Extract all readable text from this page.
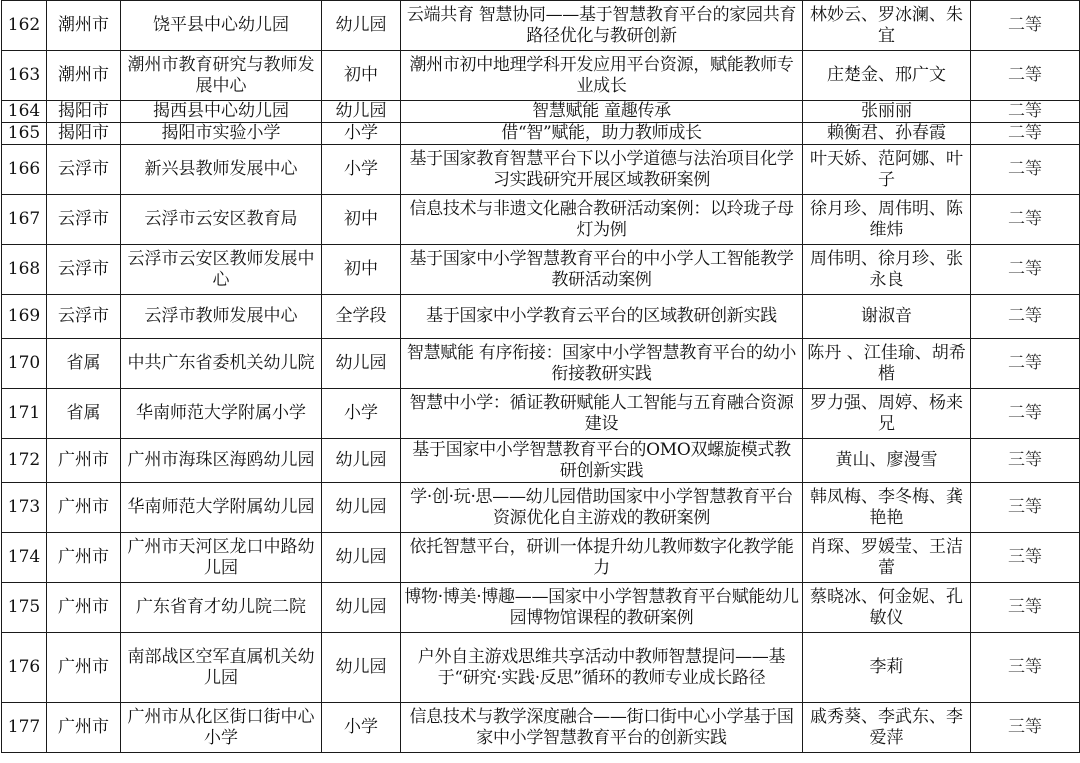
162	潮州市	饶平县中心幼儿园	幼儿园	云端共育 智慧协同——基于智慧教育平台的家园共育路径优化与教研创新	林妙云、罗冰澜、朱宜	二等
163	潮州市	潮州市教育研究与教师发展中心	初中	潮州市初中地理学科开发应用平台资源，赋能教师专业成长	庄楚金、邢广文	二等
164	揭阳市	揭西县中心幼儿园	幼儿园	智慧赋能 童趣传承	张丽丽	二等
165	揭阳市	揭阳市实验小学	小学	借“智”赋能，助力教师成长	赖衡君、孙春霞	二等
166	云浮市	新兴县教师发展中心	小学	基于国家教育智慧平台下以小学道德与法治项目化学习实践研究开展区域教研案例	叶天娇、范阿娜、叶子	二等
167	云浮市	云浮市云安区教育局	初中	信息技术与非遗文化融合教研活动案例：以玲珑子母灯为例	徐月珍、周伟明、陈维炜	二等
168	云浮市	云浮市云安区教师发展中心	初中	基于国家中小学智慧教育平台的中小学人工智能教学教研活动案例	周伟明、徐月珍、张永良	二等
169	云浮市	云浮市教师发展中心	全学段	基于国家中小学教育云平台的区域教研创新实践	谢淑音	二等
170	省属	中共广东省委机关幼儿院	幼儿园	智慧赋能 有序衔接：国家中小学智慧教育平台的幼小衔接教研实践	陈丹 、江佳瑜、胡希楷	二等
171	省属	华南师范大学附属小学	小学	智慧中小学：循证教研赋能人工智能与五育融合资源建设	罗力强、周婷、杨来兄	二等
172	广州市	广州市海珠区海鸥幼儿园	幼儿园	基于国家中小学智慧教育平台的OMO双螺旋模式教研创新实践	黄山、廖漫雪	三等
173	广州市	华南师范大学附属幼儿园	幼儿园	学·创·玩·思——幼儿园借助国家中小学智慧教育平台资源优化自主游戏的教研案例	韩凤梅、李冬梅、龚艳艳	三等
174	广州市	广州市天河区龙口中路幼儿园	幼儿园	依托智慧平台，研训一体提升幼儿教师数字化教学能力	肖琛、罗媛莹、王洁蕾	三等
175	广州市	广东省育才幼儿院二院	幼儿园	博物·博美·博趣——国家中小学智慧教育平台赋能幼儿园博物馆课程的教研案例	蔡晓冰、何金妮、孔敏仪	三等
176	广州市	南部战区空军直属机关幼儿园	幼儿园	户外自主游戏思维共享活动中教师智慧提问——基于“研究·实践·反思”循环的教师专业成长路径	李莉	三等
177	广州市	广州市从化区街口街中心小学	小学	信息技术与教学深度融合——街口街中心小学基于国家中小学智慧教育平台的创新实践	戚秀葵、李武东、李爱萍	三等
